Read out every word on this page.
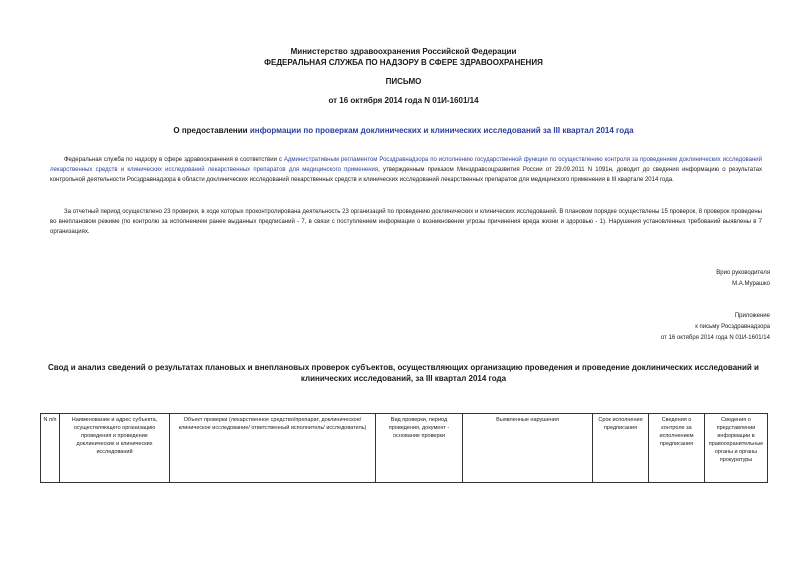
Министерство здравоохранения Российской Федерации
ФЕДЕРАЛЬНАЯ СЛУЖБА ПО НАДЗОРУ В СФЕРЕ ЗДРАВООХРАНЕНИЯ
ПИСЬМО
от 16 октября 2014 года N 01И-1601/14
О предоставлении информации по проверкам доклинических и клинических исследований за III квартал 2014 года
Федеральная служба по надзору в сфере здравоохранения в соответствии с Административным регламентом Росздравнадзора по исполнению государственной функции по осуществлению контроля за проведением доклинических исследований лекарственных средств и клинических исследований лекарственных препаратов для медицинского применения, утвержденным приказом Минздравсоцразвития России от 29.09.2011 N 1091н, доводит до сведения информацию о результатах контрольной деятельности Росздравнадзора в области доклинических исследований лекарственных средств и клинических исследований лекарственных препаратов для медицинского применения в III квартале 2014 года.
За отчетный период осуществлено 23 проверки, в ходе которых проконтролирована деятельность 23 организаций по проведению доклинических и клинических исследований. В плановом порядке осуществлены 15 проверок, 8 проверок проведены во внеплановом режиме (по контролю за исполнением ранее выданных предписаний - 7, в связи с поступлением информации о возникновении угрозы причинения вреда жизни и здоровью - 1). Нарушения установленных требований выявлены в 7 организациях.
Врио руководителя
М.А.Мурашко
Приложение
к письму Росздравнадзора
от 16 октября 2014 года N 01И-1601/14
Свод и анализ сведений о результатах плановых и внеплановых проверок субъектов, осуществляющих организацию проведения и проведение доклинических исследований и клинических исследований, за III квартал 2014 года
N п/п	Наименование и адрес субъекта, осуществляющего организацию проведения и проведение доклинических и клинических исследований	Объект проверки (лекарственное средство/препарат, доклиническое/ клиническое исследование/ ответственный исполнитель/ исследователь)	Вид проверки, период проведения, документ - основание проверки	Выявленные нарушения	Срок исполнения предписания	Сведения о контроле за исполнением предписания	Сведения о представлении информации в правоохранительные органы и органы прокуратуры
